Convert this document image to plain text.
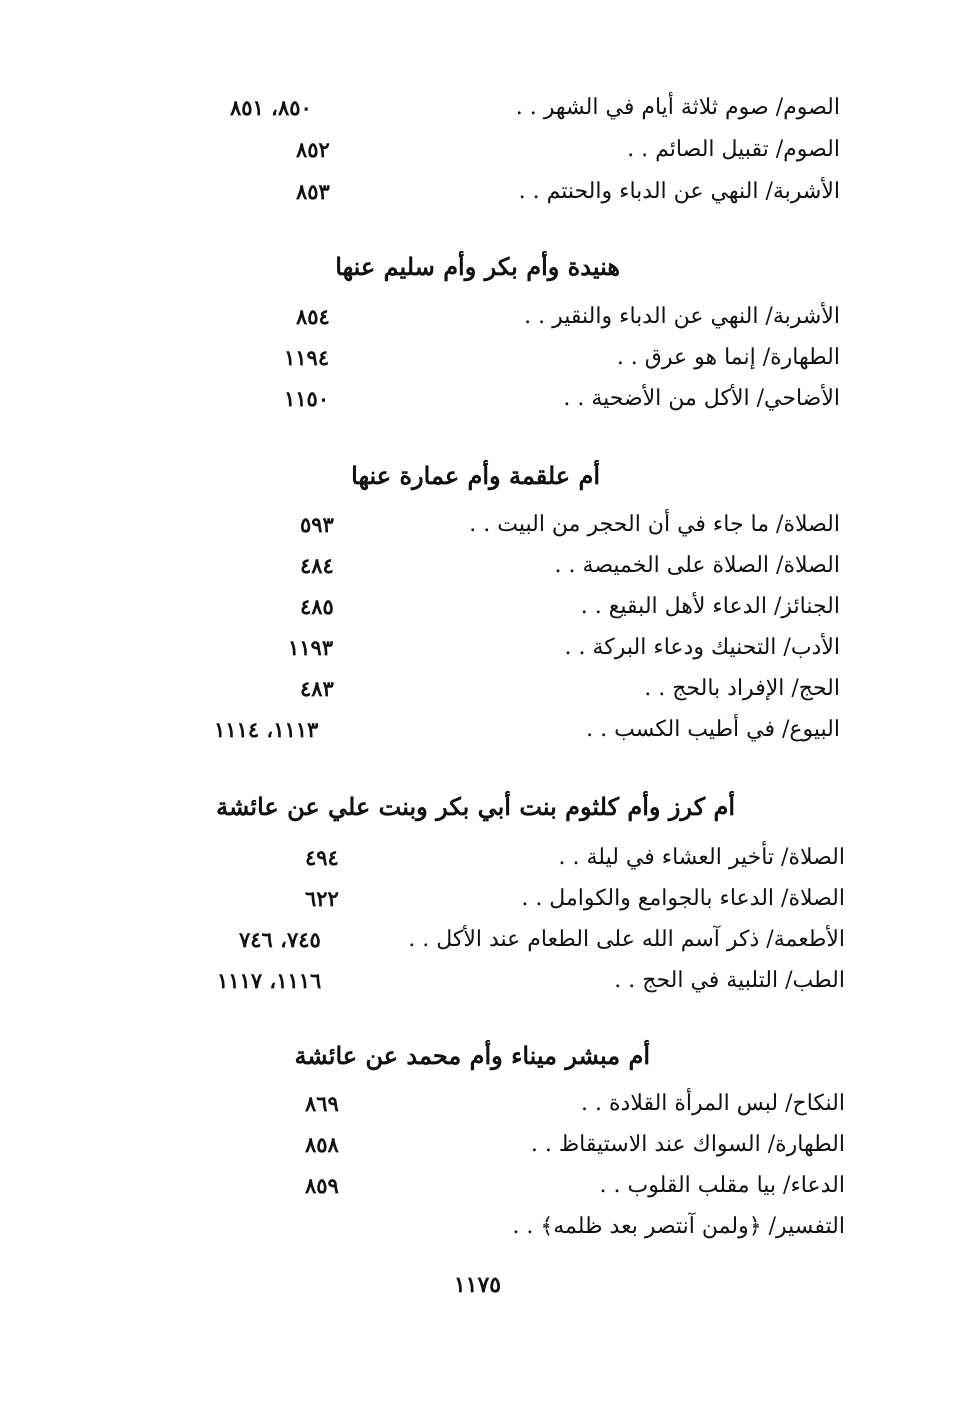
الصوم/ صوم ثلاثة أيام في الشهر . .
٨٥٠، ٨٥١
الصوم/ تقبيل الصائم . .
٨٥٢
الأشربة/ النهي عن الدباء والحنتم . .
٨٥٣
هنيدة وأم بكر وأم سليم عنها
الأشربة/ النهي عن الدباء والنقير . .
٨٥٤
الطهارة/ إنما هو عرق . .
١١٩٤
الأضاحي/ الأكل من الأضحية . .
١١٥٠
أم علقمة وأم عمارة عنها
الصلاة/ ما جاء في أن الحجر من البيت . .
٥٩٣
الصلاة/ الصلاة على الخميصة . .
٤٨٤
الجنائز/ الدعاء لأهل البقيع . .
٤٨٥
الأدب/ التحنيك ودعاء البركة . .
١١٩٣
الحج/ الإفراد بالحج . .
٤٨٣
البيوع/ في أطيب الكسب . .
١١١٣، ١١١٤
أم كرز وأم كلثوم بنت أبي بكر وبنت علي عن عائشة
الصلاة/ تأخير العشاء في ليلة . .
٤٩٤
الصلاة/ الدعاء بالجوامع والكوامل . .
٦٢٢
الأطعمة/ ذكر آسم الله على الطعام عند الأكل . .
٧٤٥، ٧٤٦
الطب/ التلبية في الحج . .
١١١٦، ١١١٧
أم مبشر ميناء وأم محمد عن عائشة
النكاح/ لبس المرأة القلادة . .
٨٦٩
الطهارة/ السواك عند الاستيقاظ . .
٨٥٨
الدعاء/ بيا مقلب القلوب . .
٨٥٩
التفسير/ ﴿ولمن آنتصر بعد ظلمه﴾ . .
١١٧٥
